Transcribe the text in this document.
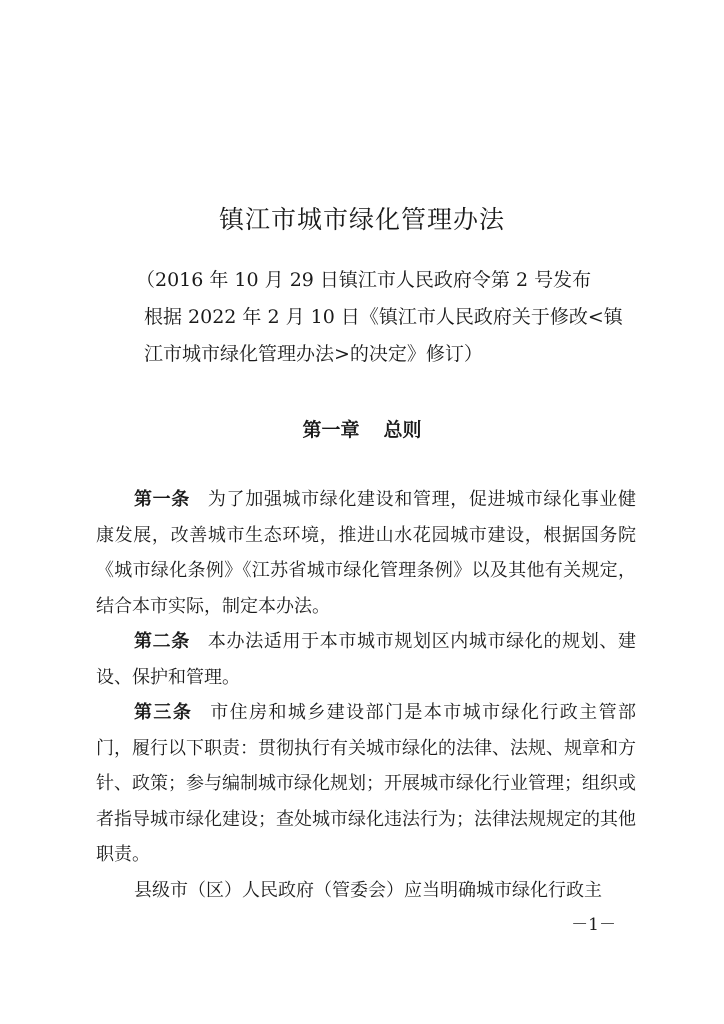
镇江市城市绿化管理办法
（2016 年 10 月 29 日镇江市人民政府令第 2 号发布
根据 2022 年 2 月 10 日《镇江市人民政府关于修改<镇
江市城市绿化管理办法>的决定》修订）
第一章 总则

第一条 为了加强城市绿化建设和管理，促进城市绿化事业健康发展，改善城市生态环境，推进山水花园城市建设，根据国务院《城市绿化条例》《江苏省城市绿化管理条例》以及其他有关规定，结合本市实际，制定本办法。

第二条 本办法适用于本市城市规划区内城市绿化的规划、建设、保护和管理。

第三条 市住房和城乡建设部门是本市城市绿化行政主管部门，履行以下职责：贯彻执行有关城市绿化的法律、法规、规章和方针、政策；参与编制城市绿化规划；开展城市绿化行业管理；组织或者指导城市绿化建设；查处城市绿化违法行为；法律法规规定的其他职责。

县级市（区）人民政府（管委会）应当明确城市绿化行政主

－1－
